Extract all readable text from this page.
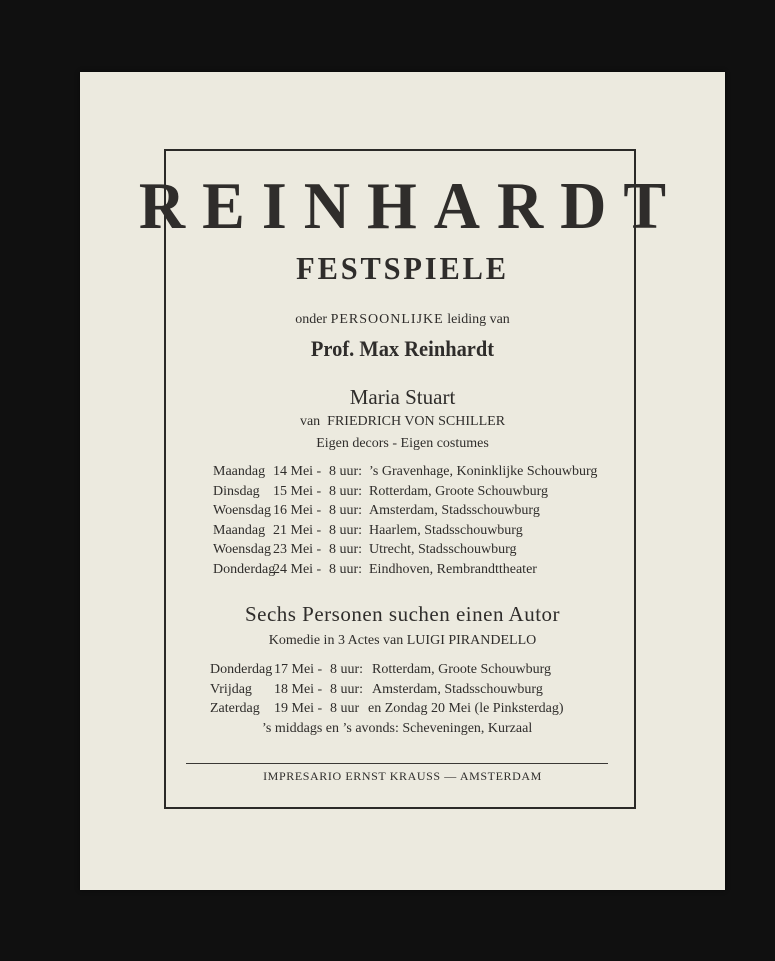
REINHARDT
FESTSPIELE
onder PERSOONLIJKE leiding van
Prof. Max Reinhardt
Maria Stuart
van FRIEDRICH VON SCHILLER
Eigen decors - Eigen costumes
Maandag 14 Mei - 8 uur: ’s Gravenhage, Koninklijke Schouwburg
Dinsdag 15 Mei - 8 uur: Rotterdam, Groote Schouwburg
Woensdag 16 Mei - 8 uur: Amsterdam, Stadsschouwburg
Maandag 21 Mei - 8 uur: Haarlem, Stadsschouwburg
Woensdag 23 Mei - 8 uur: Utrecht, Stadsschouwburg
Donderdag
24 Mei - 8 uur: Eindhoven, Rembrandttheater
Sechs Personen suchen einen Autor
Komedie in 3 Actes van LUIGI PIRANDELLO
Donderdag 17 Mei - 8 uur: Rotterdam, Groote Schouwburg
Vrijdag 18 Mei - 8 uur: Amsterdam, Stadsschouwburg
Zaterdag 19 Mei - 8 uur en Zondag 20 Mei (le Pinksterdag)
’s middags en ’s avonds: Scheveningen, Kurzaal
IMPRESARIO ERNST KRAUSS — AMSTERDAM
